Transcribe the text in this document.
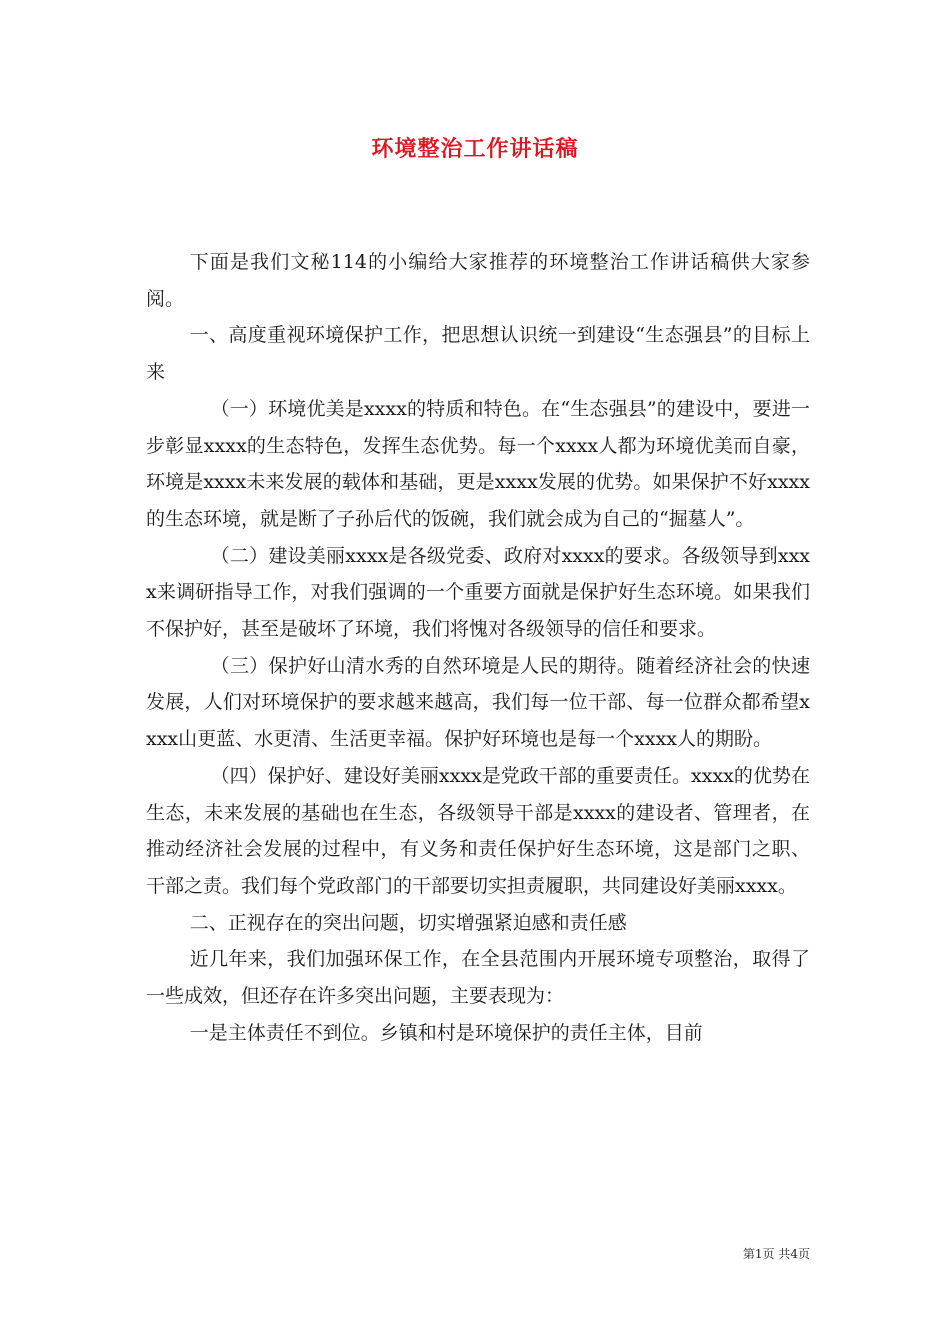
环境整治工作讲话稿

下面是我们文秘114的小编给大家推荐的环境整治工作讲话稿供大家参阅。

一、高度重视环境保护工作，把思想认识统一到建设“生态强县”的目标上来

（一）环境优美是xxxx的特质和特色。在“生态强县”的建设中，要进一步彰显xxxx的生态特色，发挥生态优势。每一个xxxx人都为环境优美而自豪，环境是xxxx未来发展的载体和基础，更是xxxx发展的优势。如果保护不好xxxx的生态环境，就是断了子孙后代的饭碗，我们就会成为自己的“掘墓人”。

（二）建设美丽xxxx是各级党委、政府对xxxx的要求。各级领导到xxxx来调研指导工作，对我们强调的一个重要方面就是保护好生态环境。如果我们不保护好，甚至是破坏了环境，我们将愧对各级领导的信任和要求。

（三）保护好山清水秀的自然环境是人民的期待。随着经济社会的快速发展，人们对环境保护的要求越来越高，我们每一位干部、每一位群众都希望xxxx山更蓝、水更清、生活更幸福。保护好环境也是每一个xxxx人的期盼。

（四）保护好、建设好美丽xxxx是党政干部的重要责任。xxxx的优势在生态，未来发展的基础也在生态，各级领导干部是xxxx的建设者、管理者，在推动经济社会发展的过程中，有义务和责任保护好生态环境，这是部门之职、干部之责。我们每个党政部门的干部要切实担责履职，共同建设好美丽xxxx。

二、正视存在的突出问题，切实增强紧迫感和责任感

近几年来，我们加强环保工作，在全县范围内开展环境专项整治，取得了一些成效，但还存在许多突出问题，主要表现为：

一是主体责任不到位。乡镇和村是环境保护的责任主体，目前

第1页 共4页
